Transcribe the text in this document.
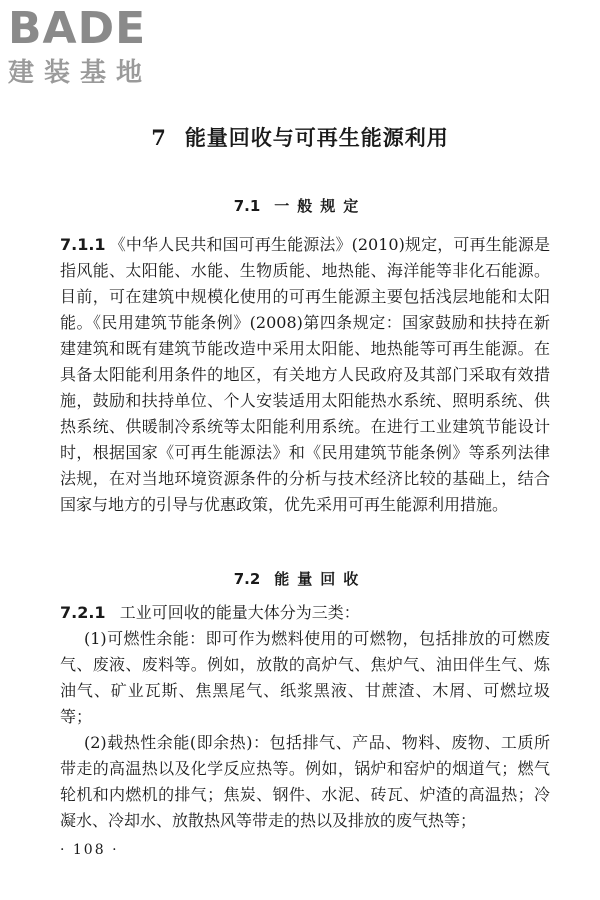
BADE
建装基地
7 能量回收与可再生能源利用
7.1 一般规定
7.1.1 《中华人民共和国可再生能源法》(2010)规定，可再生能源是指风能、太阳能、水能、生物质能、地热能、海洋能等非化石能源。目前，可在建筑中规模化使用的可再生能源主要包括浅层地能和太阳能。《民用建筑节能条例》(2008)第四条规定：国家鼓励和扶持在新建建筑和既有建筑节能改造中采用太阳能、地热能等可再生能源。在具备太阳能利用条件的地区，有关地方人民政府及其部门采取有效措施，鼓励和扶持单位、个人安装适用太阳能热水系统、照明系统、供热系统、供暖制冷系统等太阳能利用系统。在进行工业建筑节能设计时，根据国家《可再生能源法》和《民用建筑节能条例》等系列法律法规，在对当地环境资源条件的分析与技术经济比较的基础上，结合国家与地方的引导与优惠政策，优先采用可再生能源利用措施。
7.2 能量回收
7.2.1 工业可回收的能量大体分为三类：
(1)可燃性余能：即可作为燃料使用的可燃物，包括排放的可燃废气、废液、废料等。例如，放散的高炉气、焦炉气、油田伴生气、炼油气、矿业瓦斯、焦黑尾气、纸浆黑液、甘蔗渣、木屑、可燃垃圾等；
(2)载热性余能(即余热)：包括排气、产品、物料、废物、工质所带走的高温热以及化学反应热等。例如，锅炉和窑炉的烟道气；燃气轮机和内燃机的排气；焦炭、钢件、水泥、砖瓦、炉渣的高温热；冷凝水、冷却水、放散热风等带走的热以及排放的废气热等；
· 108 ·
